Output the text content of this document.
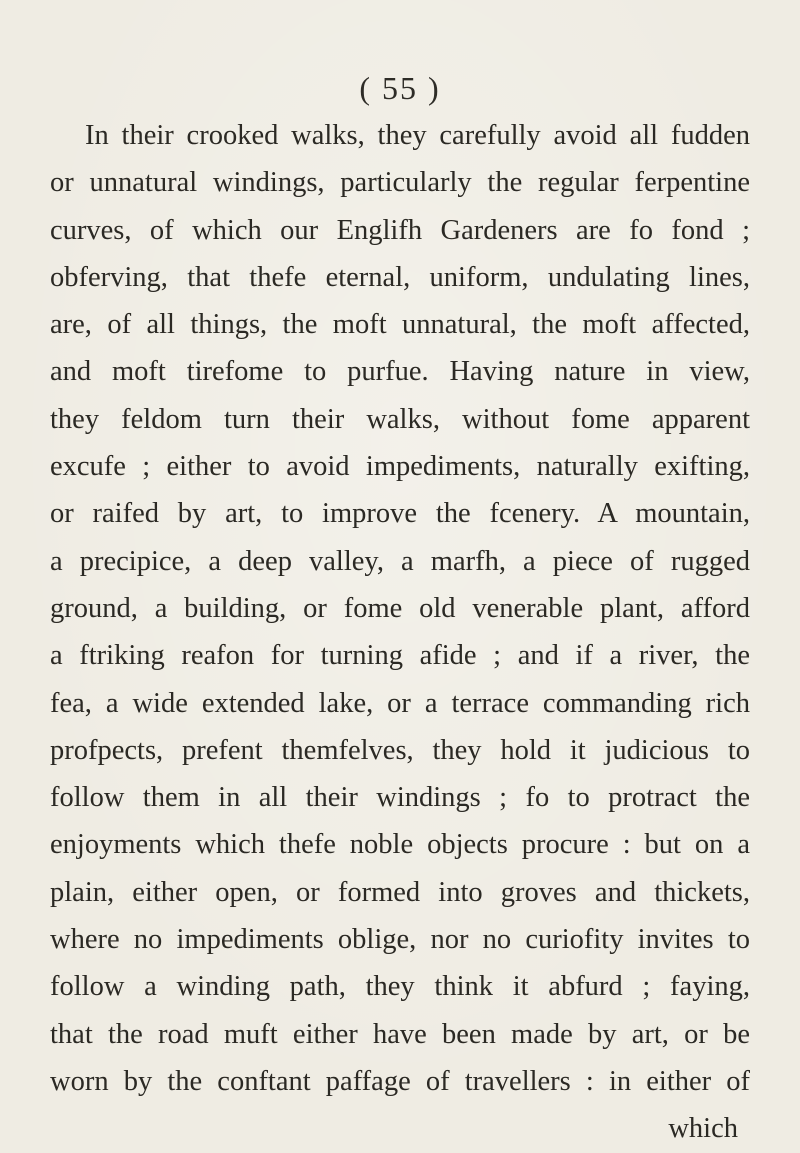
( 55 )
In their crooked walks, they carefully avoid all fudden
or unnatural windings, particularly the regular ferpentine
curves, of which our Englifh Gardeners are fo fond ;
obferving, that thefe eternal, uniform, undulating lines,
are, of all things, the moft unnatural, the moft affected,
and moft tirefome to purfue. Having nature in view,
they feldom turn their walks, without fome apparent
excufe ; either to avoid impediments, naturally exifting,
or raifed by art, to improve the fcenery. A mountain,
a precipice, a deep valley, a marfh, a piece of rugged
ground, a building, or fome old venerable plant, afford
a ftriking reafon for turning afide ; and if a river, the
fea, a wide extended lake, or a terrace commanding rich
profpects, prefent themfelves, they hold it judicious to
follow them in all their windings ; fo to protract the
enjoyments which thefe noble objects procure : but on a
plain, either open, or formed into groves and thickets,
where no impediments oblige, nor no curiofity invites to
follow a winding path, they think it abfurd ; faying,
that the road muft either have been made by art, or be
worn by the conftant paffage of travellers : in either of
which
